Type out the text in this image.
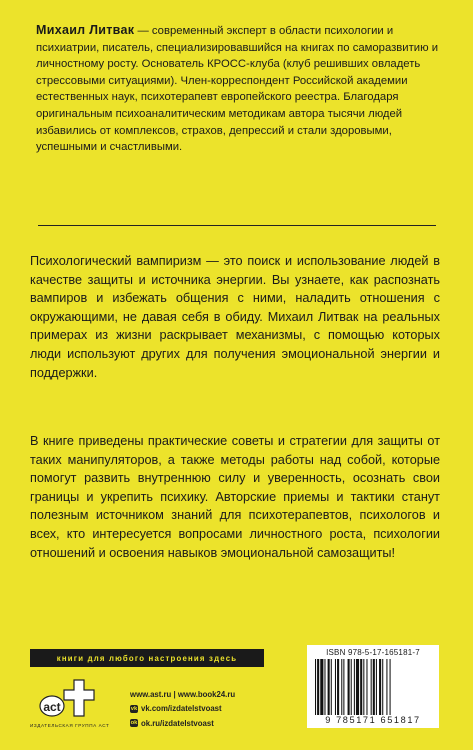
Михаил Литвак — современный эксперт в области психологии и психиатрии, писатель, специализировавшийся на книгах по саморазвитию и личностному росту. Основатель КРОСС-клуба (клуб решивших овладеть стрессовыми ситуациями). Член-корреспондент Российской академии естественных наук, психотерапевт европейского реестра. Благодаря оригинальным психоаналитическим методикам автора тысячи людей избавились от комплексов, страхов, депрессий и стали здоровыми, успешными и счастливыми.

Психологический вампиризм — это поиск и использование людей в качестве защиты и источника энергии. Вы узнаете, как распознать вампиров и избежать общения с ними, наладить отношения с окружающими, не давая себя в обиду. Михаил Литвак на реальных примерах из жизни раскрывает механизмы, с помощью которых люди используют других для получения эмоциональной энергии и поддержки.

В книге приведены практические советы и стратегии для защиты от таких манипуляторов, а также методы работы над собой, которые помогут развить внутреннюю силу и уверенность, осознать свои границы и укрепить психику. Авторские приемы и тактики станут полезным источником знаний для психотерапевтов, психологов и всех, кто интересуется вопросами личностного роста, психологии отношений и освоения навыков эмоциональной самозащиты!

книги для любого настроения здесь
act
ИЗДАТЕЛЬСКАЯ ГРУППА АСТ
www.ast.ru | www.book24.ru
vk vk.com/izdatelstvoast
ok ok.ru/izdatelstvoast
ISBN 978-5-17-165181-7
9 785171 651817
